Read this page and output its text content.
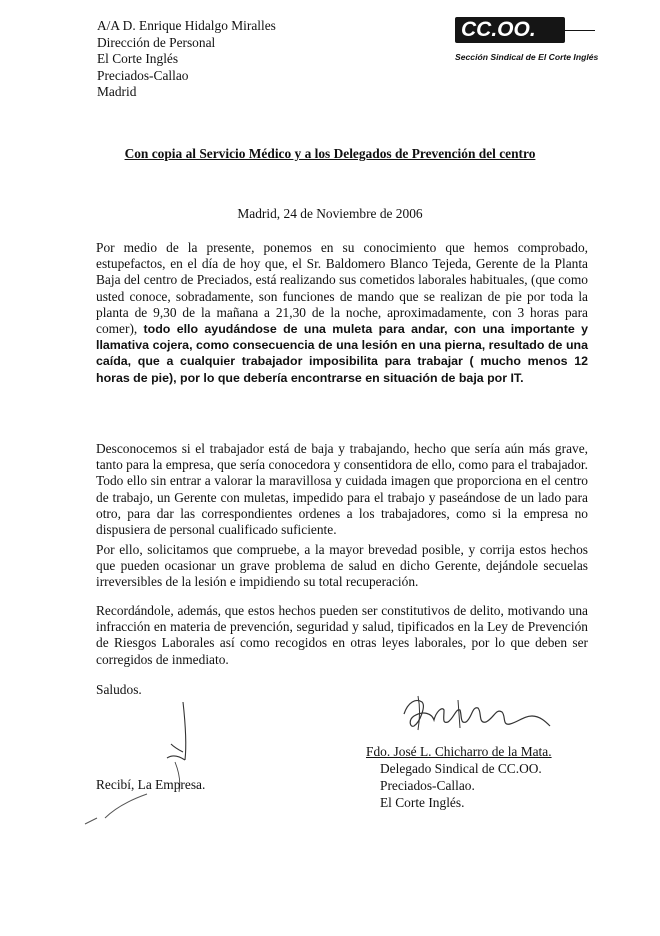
A/A D. Enrique Hidalgo Miralles
Dirección de Personal
El Corte Inglés
Preciados-Callao
Madrid
CC.OO.
Sección Sindical de El Corte Inglés
Con copia al Servicio Médico y a los Delegados de Prevención del centro
Madrid, 24 de Noviembre de 2006
Por medio de la presente, ponemos en su conocimiento que hemos comprobado, estupefactos, en el día de hoy que, el Sr. Baldomero Blanco Tejeda, Gerente de la Planta Baja del centro de Preciados, está realizando sus cometidos laborales habituales, (que como usted conoce, sobradamente, son funciones de mando que se realizan de pie por toda la planta de 9,30 de la mañana a 21,30 de la noche, aproximadamente, con 3 horas para comer), todo ello ayudándose de una muleta para andar, con una importante y llamativa cojera, como consecuencia de una lesión en una pierna, resultado de una caída, que a cualquier trabajador imposibilita para trabajar ( mucho menos 12 horas de pie), por lo que debería encontrarse en situación de baja por IT.
Desconocemos si el trabajador está de baja y trabajando, hecho que sería aún más grave, tanto para la empresa, que sería conocedora y consentidora de ello, como para el trabajador. Todo ello sin entrar a valorar la maravillosa y cuidada imagen que proporciona en el centro de trabajo, un Gerente con muletas, impedido para el trabajo y paseándose de un lado para otro, para dar las correspondientes ordenes a los trabajadores, como si la empresa no dispusiera de personal cualificado suficiente.
Por ello, solicitamos que compruebe, a la mayor brevedad posible, y corrija estos hechos que pueden ocasionar un grave problema de salud en dicho Gerente, dejándole secuelas irreversibles de la lesión e impidiendo su total recuperación.
Recordándole, además, que estos hechos pueden ser constitutivos de delito, motivando una infracción en materia de prevención, seguridad y salud, tipificados en la Ley de Prevención de Riesgos Laborales así como recogidos en otras leyes laborales, por lo que deben ser corregidos de inmediato.
Saludos.
Recibí, La Empresa.
Fdo. José L. Chicharro de la Mata.
Delegado Sindical de CC.OO.
Preciados-Callao.
El Corte Inglés.
